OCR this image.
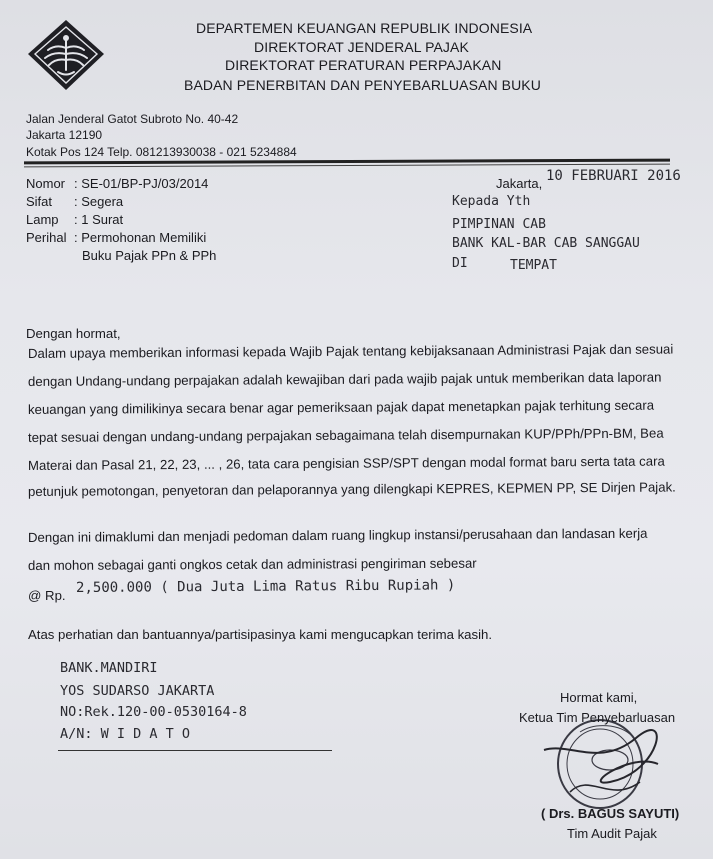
DEPARTEMEN KEUANGAN REPUBLIK INDONESIA
DIREKTORAT JENDERAL PAJAK
DIREKTORAT PERATURAN PERPAJAKAN
BADAN PENERBITAN DAN PENYEBARLUASAN BUKU
Jalan Jenderal Gatot Subroto No. 40-42
Jakarta 12190
Kotak Pos 124 Telp. 081213930038 - 021 5234884
Nomor : SE-01/BP-PJ/03/2014
Sifat : Segera
Lamp : 1 Surat
Perihal : Permohonan Memiliki
Buku Pajak PPn & PPh
Jakarta, 10 FEBRUARI 2016
Kepada Yth
PIMPINAN CAB
BANK KAL-BAR CAB SANGGAU
DI	TEMPAT
Dengan hormat,
Dalam upaya memberikan informasi kepada Wajib Pajak tentang kebijaksanaan Administrasi Pajak dan sesuai
dengan Undang-undang perpajakan adalah kewajiban dari pada wajib pajak untuk memberikan data laporan
keuangan yang dimilikinya secara benar agar pemeriksaan pajak dapat menetapkan pajak terhitung secara
tepat sesuai dengan undang-undang perpajakan sebagaimana telah disempurnakan KUP/PPh/PPn-BM, Bea
Materai dan Pasal 21, 22, 23, ... , 26, tata cara pengisian SSP/SPT dengan modal format baru serta tata cara
petunjuk pemotongan, penyetoran dan pelaporannya yang dilengkapi KEPRES, KEPMEN PP, SE Dirjen Pajak.
Dengan ini dimaklumi dan menjadi pedoman dalam ruang lingkup instansi/perusahaan dan landasan kerja
dan mohon sebagai ganti ongkos cetak dan administrasi pengiriman sebesar
@ Rp. 2,500.000 ( Dua Juta Lima Ratus Ribu Rupiah )
Atas perhatian dan bantuannya/partisipasinya kami mengucapkan terima kasih.
BANK.MANDIRI
YOS SUDARSO JAKARTA
NO:Rek.120-00-0530164-8
A/N: W I D A T O
Hormat kami,
Ketua Tim Penyebarluasan
( Drs. BAGUS SAYUTI)
Tim Audit Pajak
